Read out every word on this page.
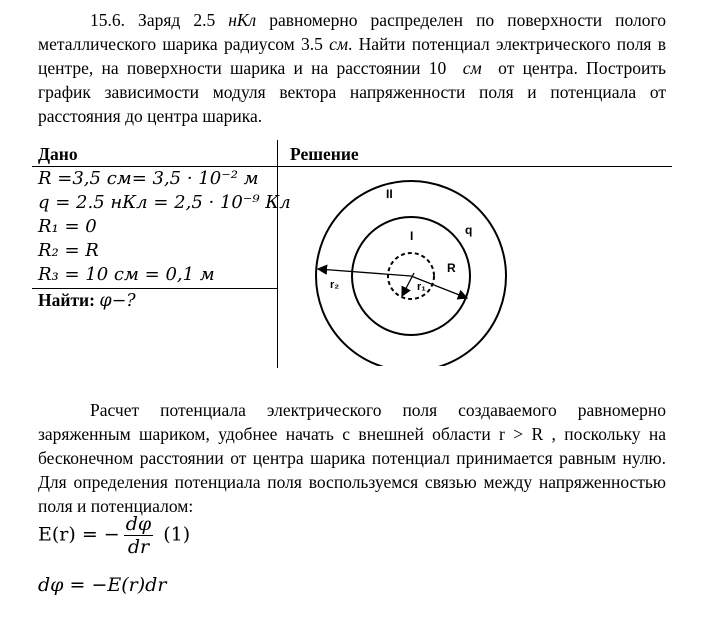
15.6. Заряд 2.5 нКл равномерно распределен по поверхности полого металлического шарика радиусом 3.5 см. Найти потенциал электрического поля в центре, на поверхности шарика и на расстоянии 10 см от центра. Построить график зависимости модуля вектора напряженности поля и потенциала от расстояния до центра шарика.
Дано	Решение
R =3,5 см= 3,5 · 10⁻² м
q = 2.5 нКл = 2,5 · 10⁻⁹ Кл
R₁ = 0
R₂ = R
R₃ = 10 см = 0,1 м
Найти: φ−?
II
I	q
R
r₁
r₂
Расчет потенциала электрического поля создаваемого равномерно заряженным шариком, удобнее начать с внешней области r > R , поскольку на бесконечном расстоянии от центра шарика потенциал принимается равным нулю. Для определения потенциала поля воспользуемся связью между напряженностью поля и потенциалом:
E(r) = − $\frac{d\varphi}{dr} (1)$
dφ = −E(r)dr
